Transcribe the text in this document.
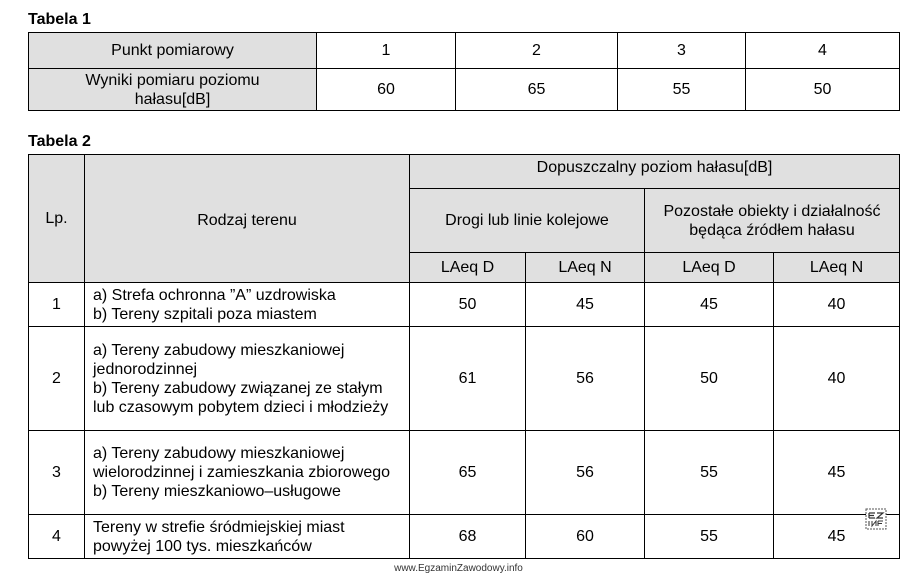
Tabela 1
Punkt pomiarowy	1	2	3	4
Wyniki pomiaru poziomu hałasu[dB]	60	65	55	50
Tabela 2
Lp.	Rodzaj terenu	Dopuszczalny poziom hałasu[dB]			
		Drogi lub linie kolejowe		Pozostałe obiekty i działalność będąca źródłem hałasu	
		LAeq D	LAeq N	LAeq D	LAeq N
1	a) Strefa ochronna ”A” uzdrowiska
b) Tereny szpitali poza miastem	50	45	45	40
2	a) Tereny zabudowy mieszkaniowej jednorodzinnej
b) Tereny zabudowy związanej ze stałym lub czasowym pobytem dzieci i młodzieży	61	56	50	40
3	a) Tereny zabudowy mieszkaniowej wielorodzinnej i zamieszkania zbiorowego
b) Tereny mieszkaniowo–usługowe	65	56	55	45
4	Tereny w strefie śródmiejskiej miast powyżej 100 tys. mieszkańców	68	60	55	45
www.EgzaminZawodowy.info
